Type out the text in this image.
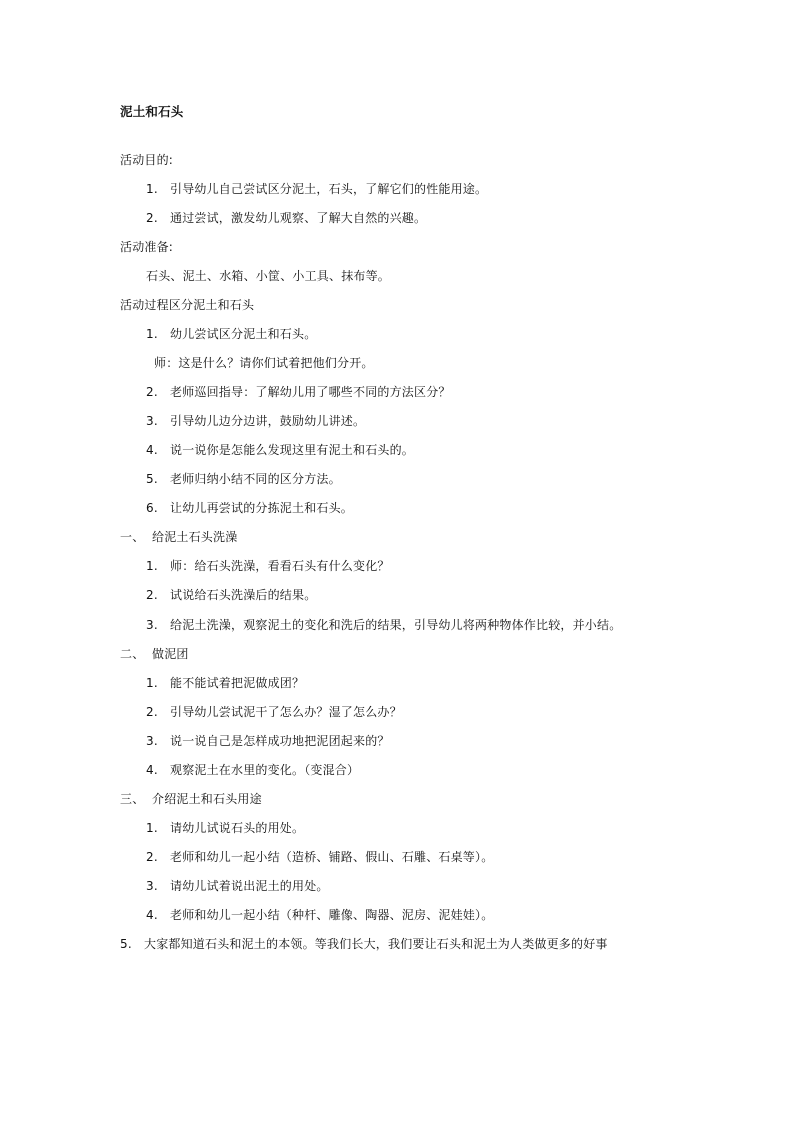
泥土和石头
活动目的:
1. 引导幼儿自己尝试区分泥土，石头，了解它们的性能用途。
2. 通过尝试，激发幼儿观察、了解大自然的兴趣。
活动准备:
石头、泥土、水箱、小筐、小工具、抹布等。
活动过程区分泥土和石头
1. 幼儿尝试区分泥土和石头。
师：这是什么？请你们试着把他们分开。
2. 老师巡回指导：了解幼儿用了哪些不同的方法区分？
3. 引导幼儿边分边讲，鼓励幼儿讲述。
4. 说一说你是怎能么发现这里有泥土和石头的。
5. 老师归纳小结不同的区分方法。
6. 让幼儿再尝试的分拣泥土和石头。
一、 给泥土石头洗澡
1. 师：给石头洗澡，看看石头有什么变化？
2. 试说给石头洗澡后的结果。
3. 给泥土洗澡，观察泥土的变化和洗后的结果，引导幼儿将两种物体作比较，并小结。
二、 做泥团
1. 能不能试着把泥做成团？
2. 引导幼儿尝试泥干了怎么办？湿了怎么办？
3. 说一说自己是怎样成功地把泥团起来的？
4. 观察泥土在水里的变化。（变混合）
三、 介绍泥土和石头用途
1. 请幼儿试说石头的用处。
2. 老师和幼儿一起小结（造桥、铺路、假山、石雕、石桌等）。
3. 请幼儿试着说出泥土的用处。
4. 老师和幼儿一起小结（种杆、雕像、陶器、泥房、泥娃娃）。
5. 大家都知道石头和泥土的本领。等我们长大，我们要让石头和泥土为人类做更多的好事
